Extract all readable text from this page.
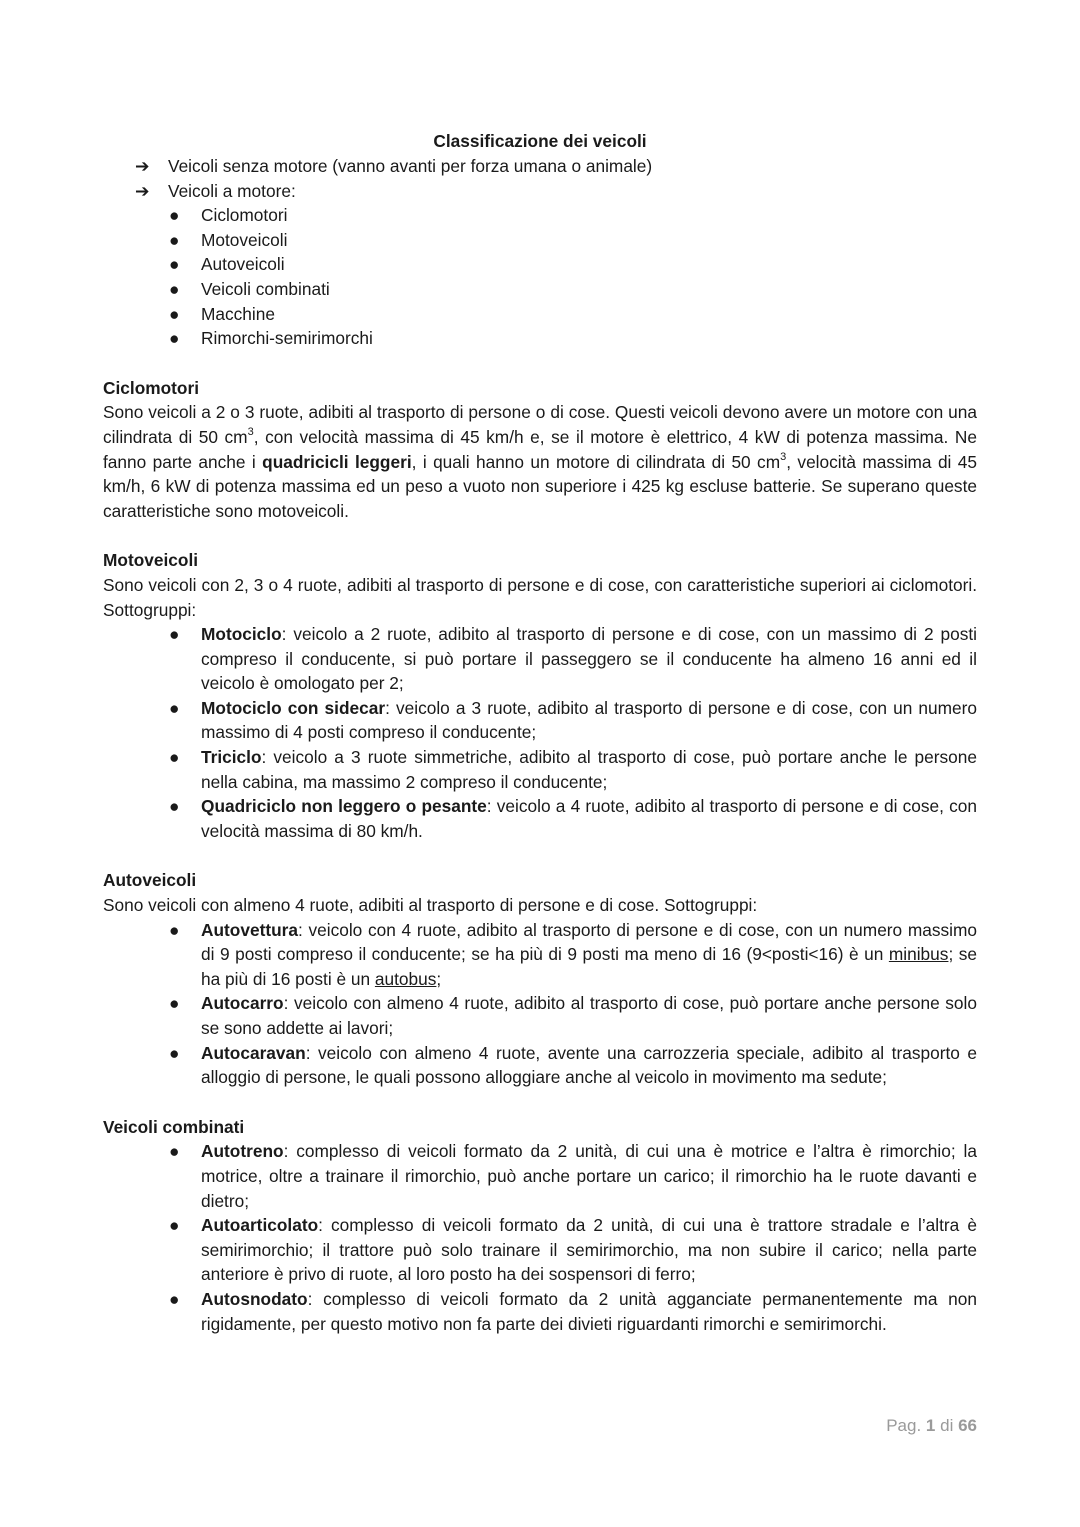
Classificazione dei veicoli
➔ Veicoli senza motore (vanno avanti per forza umana o animale)
➔ Veicoli a motore:
● Ciclomotori
● Motoveicoli
● Autoveicoli
● Veicoli combinati
● Macchine
● Rimorchi-semirimorchi
Ciclomotori
Sono veicoli a 2 o 3 ruote, adibiti al trasporto di persone o di cose. Questi veicoli devono avere un motore con una cilindrata di 50 $cm^3$, con velocità massima di 45 km/h e, se il motore è elettrico, 4 kW di potenza massima. Ne fanno parte anche i quadricicli leggeri, i quali hanno un motore di cilindrata di 50 $cm^3$, velocità massima di 45 km/h, 6 kW di potenza massima ed un peso a vuoto non superiore i 425 kg escluse batterie. Se superano queste caratteristiche sono motoveicoli.
Motoveicoli
Sono veicoli con 2, 3 o 4 ruote, adibiti al trasporto di persone e di cose, con caratteristiche superiori ai ciclomotori. Sottogruppi:
● Motociclo: veicolo a 2 ruote, adibito al trasporto di persone e di cose, con un massimo di 2 posti compreso il conducente, si può portare il passeggero se il conducente ha almeno 16 anni ed il veicolo è omologato per 2;
● Motociclo con sidecar: veicolo a 3 ruote, adibito al trasporto di persone e di cose, con un numero massimo di 4 posti compreso il conducente;
● Triciclo: veicolo a 3 ruote simmetriche, adibito al trasporto di cose, può portare anche le persone nella cabina, ma massimo 2 compreso il conducente;
● Quadriciclo non leggero o pesante: veicolo a 4 ruote, adibito al trasporto di persone e di cose, con velocità massima di 80 km/h.
Autoveicoli
Sono veicoli con almeno 4 ruote, adibiti al trasporto di persone e di cose. Sottogruppi:
● Autovettura: veicolo con 4 ruote, adibito al trasporto di persone e di cose, con un numero massimo di 9 posti compreso il conducente; se ha più di 9 posti ma meno di 16 (9<posti<16) è un minibus; se ha più di 16 posti è un autobus;
● Autocarro: veicolo con almeno 4 ruote, adibito al trasporto di cose, può portare anche persone solo se sono addette ai lavori;
● Autocaravan: veicolo con almeno 4 ruote, avente una carrozzeria speciale, adibito al trasporto e alloggio di persone, le quali possono alloggiare anche al veicolo in movimento ma sedute;
Veicoli combinati
● Autotreno: complesso di veicoli formato da 2 unità, di cui una è motrice e l’altra è rimorchio; la motrice, oltre a trainare il rimorchio, può anche portare un carico; il rimorchio ha le ruote davanti e dietro;
● Autoarticolato: complesso di veicoli formato da 2 unità, di cui una è trattore stradale e l’altra è semirimorchio; il trattore può solo trainare il semirimorchio, ma non subire il carico; nella parte anteriore è privo di ruote, al loro posto ha dei sospensori di ferro;
● Autosnodato: complesso di veicoli formato da 2 unità agganciate permanentemente ma non rigidamente, per questo motivo non fa parte dei divieti riguardanti rimorchi e semirimorchi.
Pag. 1 di 66
